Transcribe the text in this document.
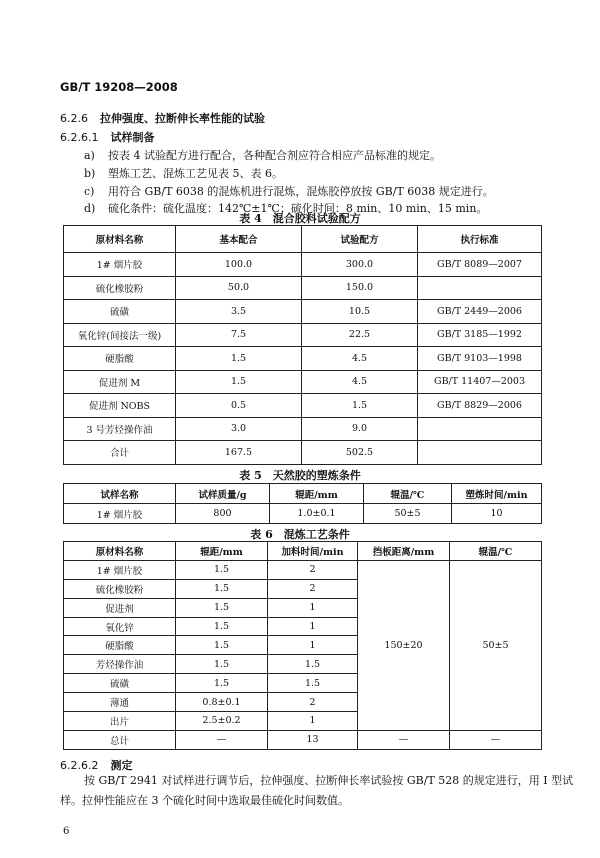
GB/T 19208—2008
6.2.6 拉伸强度、拉断伸长率性能的试验
6.2.6.1 试样制备
a) 按表 4 试验配方进行配合，各种配合剂应符合相应产品标准的规定。
b) 塑炼工艺、混炼工艺见表 5、表 6。
c) 用符合 GB/T 6038 的混炼机进行混炼，混炼胶停放按 GB/T 6038 规定进行。
d) 硫化条件：硫化温度：142℃±1℃；硫化时间：8 min、10 min、15 min。
表 4　混合胶料试验配方
原材料名称	基本配合	试验配方	执行标准
1# 烟片胶	100.0	300.0	GB/T 8089—2007
硫化橡胶粉	50.0	150.0	
硫磺	3.5	10.5	GB/T 2449—2006
氧化锌(间接法一级)	7.5	22.5	GB/T 3185—1992
硬脂酸	1.5	4.5	GB/T 9103—1998
促进剂 M	1.5	4.5	GB/T 11407—2003
促进剂 NOBS	0.5	1.5	GB/T 8829—2006
3 号芳烃操作油	3.0	9.0	
合计	167.5	502.5	
表 5　天然胶的塑炼条件
试样名称	试样质量/g	辊距/mm	辊温/℃	塑炼时间/min
1# 烟片胶	800	1.0±0.1	50±5	10
表 6　混炼工艺条件
原材料名称	辊距/mm	加料时间/min	挡板距离/mm	辊温/℃
1# 烟片胶	1.5	2	150±20	50±5
硫化橡胶粉	1.5	2		
促进剂	1.5	1		
氧化锌	1.5	1		
硬脂酸	1.5	1		
芳烃操作油	1.5	1.5		
硫磺	1.5	1.5		
薄通	0.8±0.1	2		
出片	2.5±0.2	1		
总计	—	13	—	—
6.2.6.2 测定
按 GB/T 2941 对试样进行调节后，拉伸强度、拉断伸长率试验按 GB/T 528 的规定进行，用 Ⅰ 型试
样。拉伸性能应在 3 个硫化时间中选取最佳硫化时间数值。
6
